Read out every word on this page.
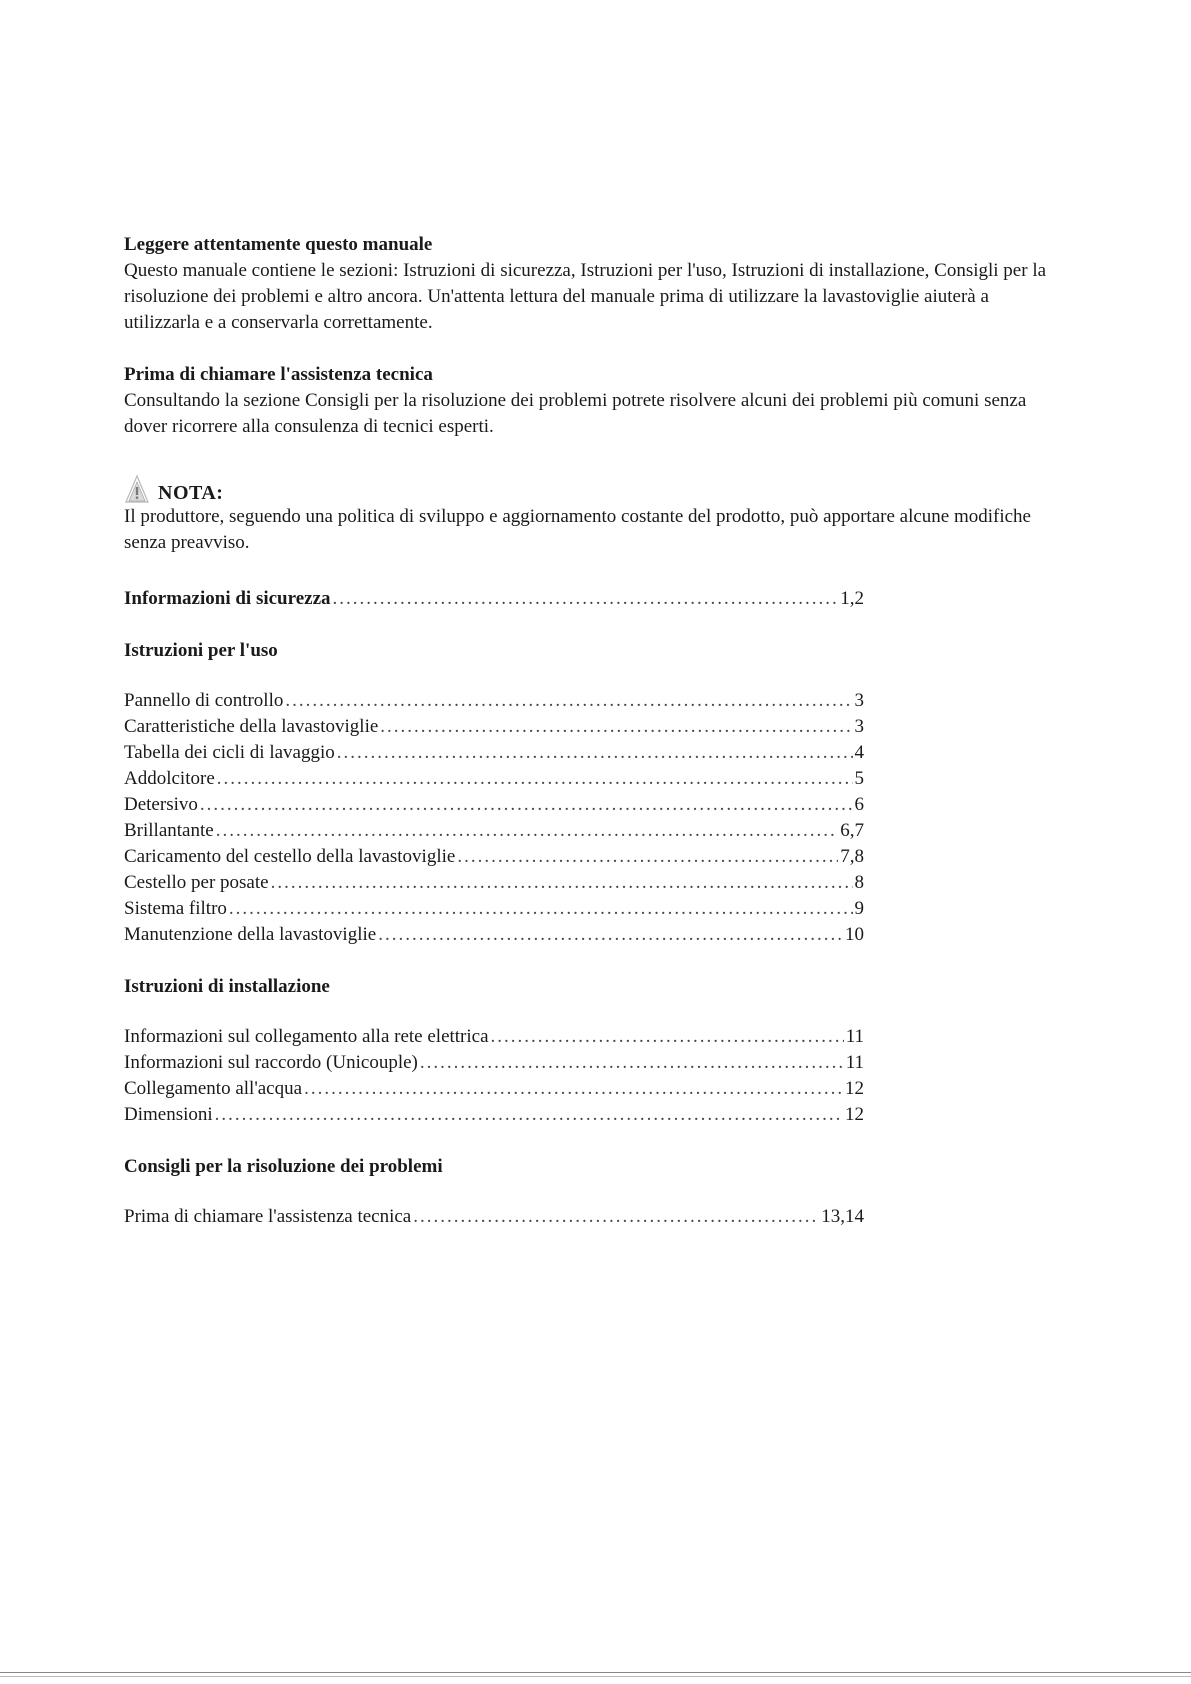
Leggere attentamente questo manuale

Questo manuale contiene le sezioni: Istruzioni di sicurezza, Istruzioni per l'uso, Istruzioni di installazione, Consigli per la risoluzione dei problemi e altro ancora. Un'attenta lettura del manuale prima di utilizzare la lavastoviglie aiuterà a utilizzarla e a conservarla correttamente.

Prima di chiamare l'assistenza tecnica

Consultando la sezione Consigli per la risoluzione dei problemi potrete risolvere alcuni dei problemi più comuni senza dover ricorrere alla consulenza di tecnici esperti.

NOTA:

Il produttore, seguendo una politica di sviluppo e aggiornamento costante del prodotto, può apportare alcune modifiche senza preavviso.

Informazioni di sicurezza .....	1,2
Istruzioni per l'uso
Pannello di controllo .....	3
Caratteristiche della lavastoviglie .....	3
Tabella dei cicli di lavaggio .....	4
Addolcitore .....	5
Detersivo .....	6
Brillantante .....	6,7
Caricamento del cestello della lavastoviglie .....	7,8
Cestello per posate .....	8
Sistema filtro .....	9
Manutenzione della lavastoviglie .....	10
Istruzioni di installazione
Informazioni sul collegamento alla rete elettrica .....	11
Informazioni sul raccordo (Unicouple) .....	11
Collegamento all'acqua .....	12
Dimensioni .....	12
Consigli per la risoluzione dei problemi
Prima di chiamare l'assistenza tecnica .....	13,14
